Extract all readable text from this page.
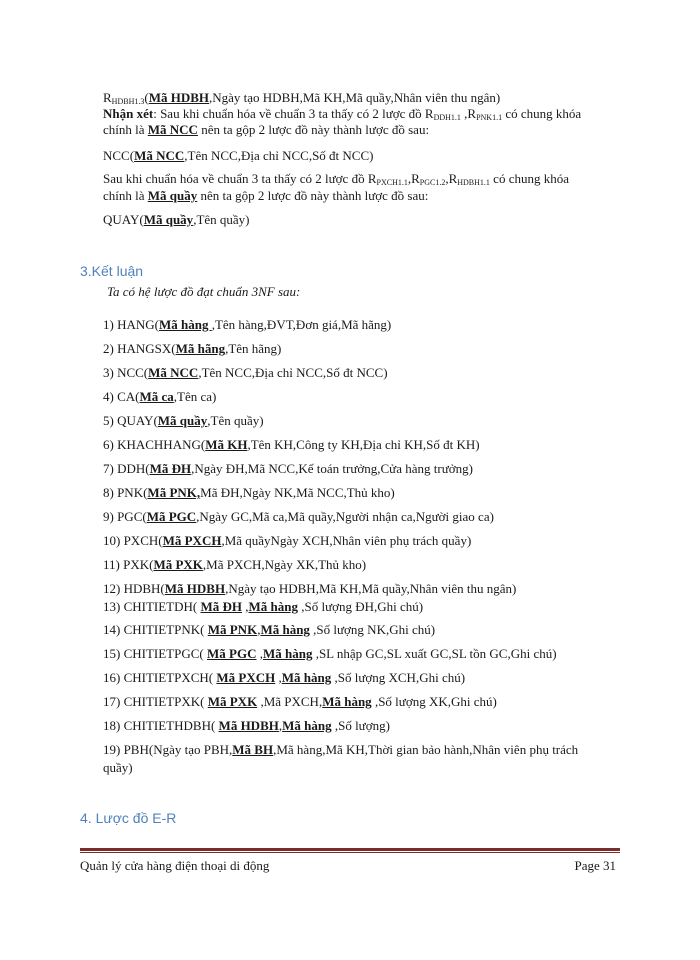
$R_{HDBH1.3}(Mã$ HDBH,Ngày tạo HDBH,Mã KH,Mã quầy,Nhân viên thu ngân)
Nhận xét: Sau khi chuẩn hóa về chuẩn 3 ta thấy có 2 lược đồ $R_{DDH1.1}$ $,R_{PNK1.1}$ có chung khóa
chính là Mã NCC nên ta gộp 2 lược đồ này thành lược đồ sau:
NCC(Mã NCC,Tên NCC,Địa chỉ NCC,Số đt NCC)
Sau khi chuẩn hóa về chuẩn 3 ta thấy có 2 lược đồ $R_{PXCH1.1},R_{PGC1.2},R_{HDBH1.1}$ có chung khóa
chính là Mã quầy nên ta gộp 2 lược đồ này thành lược đồ sau:
QUAY(Mã quầy,Tên quầy)
3.Kết luận
Ta có hệ lược đồ đạt chuẩn 3NF sau:
1) HANG(Mã hàng ,Tên hàng,ĐVT,Đơn giá,Mã hãng)
2) HANGSX(Mã hãng,Tên hãng)
3) NCC(Mã NCC,Tên NCC,Địa chỉ NCC,Số đt NCC)
4) CA(Mã ca,Tên ca)
5) QUAY(Mã quầy,Tên quầy)
6) KHACHHANG(Mã KH,Tên KH,Công ty KH,Địa chỉ KH,Số đt KH)
7) DDH(Mã ĐH,Ngày ĐH,Mã NCC,Kế toán trưởng,Cửa hàng trưởng)
8) PNK(Mã PNK,Mã ĐH,Ngày NK,Mã NCC,Thủ kho)
9) PGC(Mã PGC,Ngày GC,Mã ca,Mã quầy,Người nhận ca,Người giao ca)
10) PXCH(Mã PXCH,Mã quầyNgày XCH,Nhân viên phụ trách quầy)
11) PXK(Mã PXK,Mã PXCH,Ngày XK,Thủ kho)
12) HDBH(Mã HDBH,Ngày tạo HDBH,Mã KH,Mã quầy,Nhân viên thu ngân)
13) CHITIETDH( Mã ĐH ,Mã hàng ,Số lượng ĐH,Ghi chú)
14) CHITIETPNK( Mã PNK,Mã hàng ,Số lượng NK,Ghi chú)
15) CHITIETPGC( Mã PGC ,Mã hàng ,SL nhập GC,SL xuất GC,SL tồn GC,Ghi chú)
16) CHITIETPXCH( Mã PXCH ,Mã hàng ,Số lượng XCH,Ghi chú)
17) CHITIETPXK( Mã PXK ,Mã PXCH,Mã hàng ,Số lượng XK,Ghi chú)
18) CHITIETHDBH( Mã HDBH,Mã hàng ,Số lượng)
19) PBH(Ngày tạo PBH,Mã BH,Mã hàng,Mã KH,Thời gian bảo hành,Nhân viên phụ trách
quầy)
4. Lược đồ E-R
Quản lý cửa hàng điện thoại di động	Page 31
